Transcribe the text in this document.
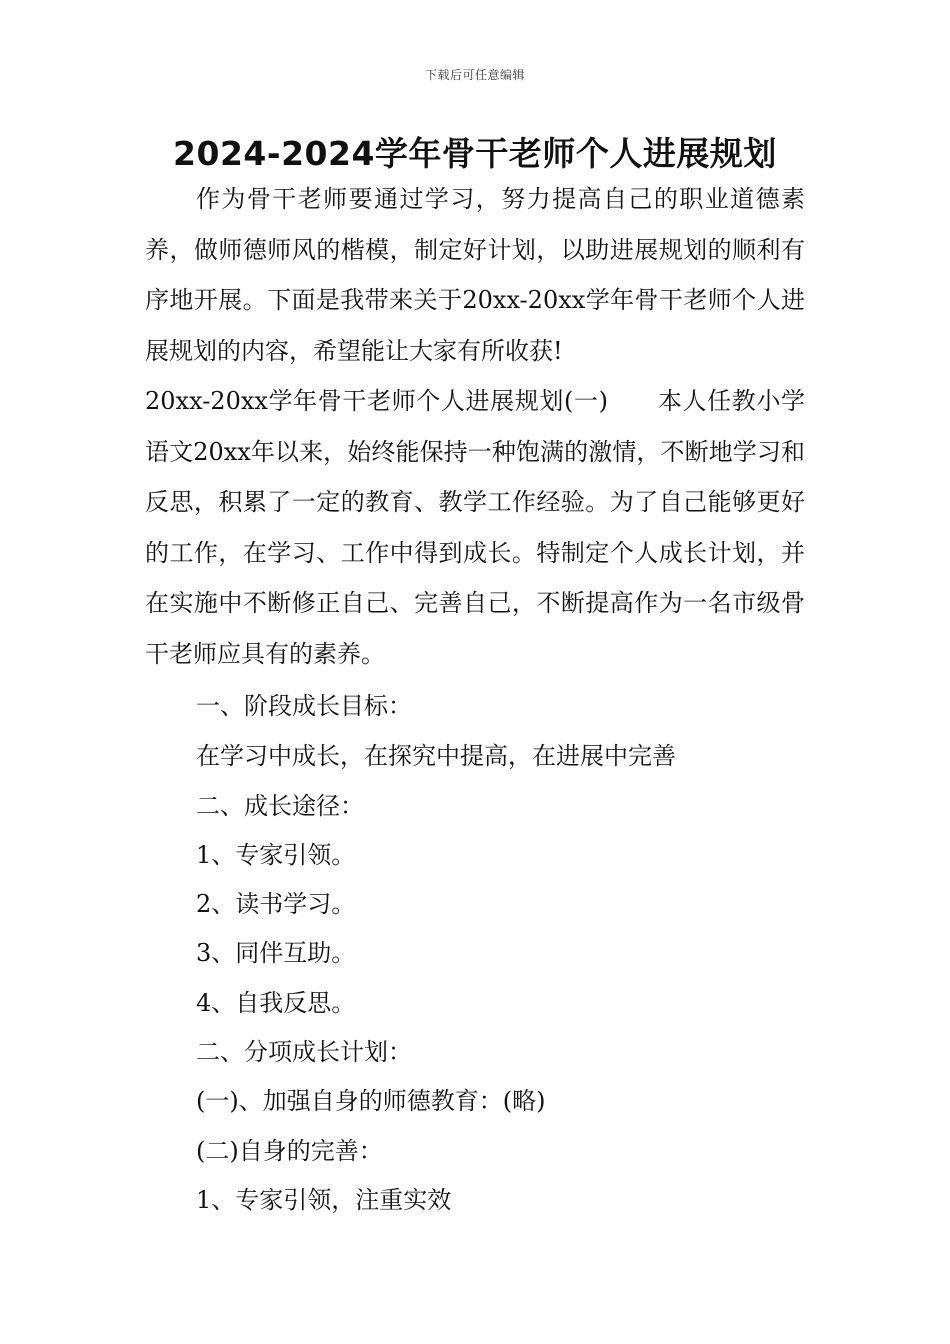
下载后可任意编辑
2024-2024学年骨干老师个人进展规划

作为骨干老师要通过学习，努力提高自己的职业道德素养，做师德师风的楷模，制定好计划，以助进展规划的顺利有序地开展。下面是我带来关于20xx-20xx学年骨干老师个人进展规划的内容，希望能让大家有所收获!

20xx-20xx学年骨干老师个人进展规划(一)　　本人任教小学语文20xx年以来，始终能保持一种饱满的激情，不断地学习和反思，积累了一定的教育、教学工作经验。为了自己能够更好的工作，在学习、工作中得到成长。特制定个人成长计划，并在实施中不断修正自己、完善自己，不断提高作为一名市级骨干老师应具有的素养。

一、阶段成长目标：
在学习中成长，在探究中提高，在进展中完善
二、成长途径：
1、专家引领。
2、读书学习。
3、同伴互助。
4、自我反思。
二、分项成长计划：
(一)、加强自身的师德教育：(略)
(二)自身的完善：
1、专家引领，注重实效
